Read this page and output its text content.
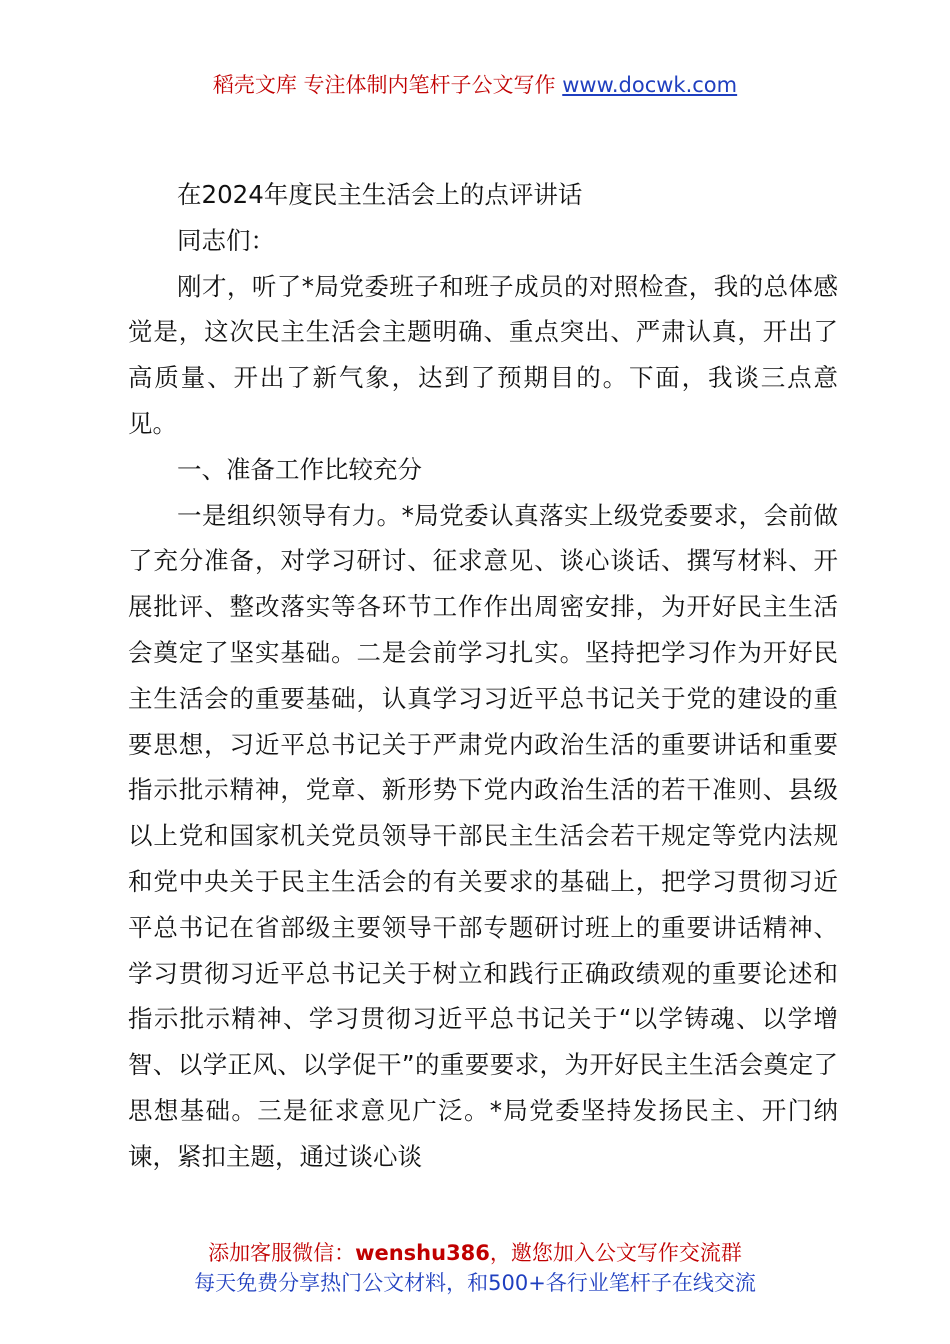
稻壳文库 专注体制内笔杆子公文写作 www.docwk.com

在2024年度民主生活会上的点评讲话

同志们：

刚才，听了*局党委班子和班子成员的对照检查，我的总体感觉是，这次民主生活会主题明确、重点突出、严肃认真，开出了高质量、开出了新气象，达到了预期目的。下面，我谈三点意见。

一、准备工作比较充分

一是组织领导有力。*局党委认真落实上级党委要求，会前做了充分准备，对学习研讨、征求意见、谈心谈话、撰写材料、开展批评、整改落实等各环节工作作出周密安排，为开好民主生活会奠定了坚实基础。二是会前学习扎实。坚持把学习作为开好民主生活会的重要基础，认真学习习近平总书记关于党的建设的重要思想，习近平总书记关于严肃党内政治生活的重要讲话和重要指示批示精神，党章、新形势下党内政治生活的若干准则、县级以上党和国家机关党员领导干部民主生活会若干规定等党内法规和党中央关于民主生活会的有关要求的基础上，把学习贯彻习近平总书记在省部级主要领导干部专题研讨班上的重要讲话精神、学习贯彻习近平总书记关于树立和践行正确政绩观的重要论述和指示批示精神、学习贯彻习近平总书记关于“以学铸魂、以学增智、以学正风、以学促干”的重要要求，为开好民主生活会奠定了思想基础。三是征求意见广泛。*局党委坚持发扬民主、开门纳谏，紧扣主题，通过谈心谈

添加客服微信：wenshu386，邀您加入公文写作交流群
每天免费分享热门公文材料，和500+各行业笔杆子在线交流
